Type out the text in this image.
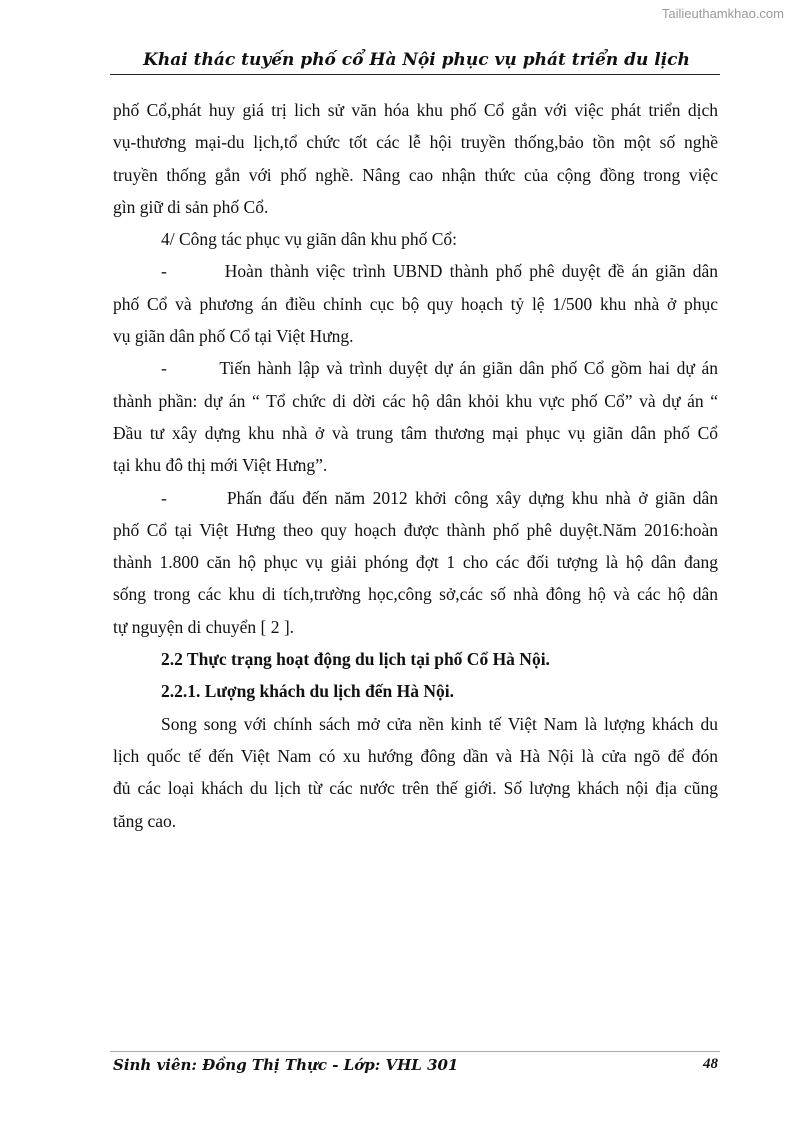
Tailieuthamkhao.com
Khai thác tuyến phố cổ Hà Nội phục vụ phát triển du lịch
phố Cổ,phát huy giá trị lich sử văn hóa khu phố Cổ gắn với việc phát triển dịch
vụ-thương mại-du lịch,tổ chức tốt các lễ hội truyền thống,bảo tồn một số nghề
truyền thống gắn với phố nghề. Nâng cao nhận thức của cộng đồng trong việc
gìn giữ di sản phố Cổ.
4/ Công tác phục vụ giãn dân khu phố Cổ:
-        Hoàn thành việc trình UBND thành phố phê duyệt đề án giãn dân
phố Cổ và phương án điều chỉnh cục bộ quy hoạch tỷ lệ 1/500 khu nhà ở phục
vụ giãn dân phố Cổ tại Việt Hưng.
-        Tiến hành lập và trình duyệt dự án giãn dân phố Cổ gồm hai dự án
thành phần: dự án “ Tổ chức di dời các hộ dân khỏi khu vực phố Cổ” và dự án “
Đầu tư xây dựng khu nhà ở và trung tâm thương mại phục vụ giãn dân phố Cổ
tại khu đô thị mới Việt Hưng”.
-        Phấn đấu đến năm 2012 khởi công xây dựng khu nhà ở giãn dân
phố Cổ tại Việt Hưng theo quy hoạch được thành phố phê duyệt.Năm 2016:hoàn
thành 1.800 căn hộ phục vụ giải phóng đợt 1 cho các đối tượng là hộ dân đang
sống trong các khu di tích,trường học,công sở,các số nhà đông hộ và các hộ dân
tự nguyện di chuyển [ 2 ].
2.2 Thực trạng hoạt động du lịch tại phố Cổ Hà Nội.
2.2.1. Lượng khách du lịch đến Hà Nội.
Song song với chính sách mở cửa nền kinh tế Việt Nam là lượng khách du
lịch quốc tế đến Việt Nam có xu hướng đông dần và Hà Nội là cửa ngõ để đón
đủ các loại khách du lịch từ các nước trên thế giới. Số lượng khách nội địa cũng
tăng cao.
Sinh viên: Đồng Thị Thực - Lớp: VHL 301	48
